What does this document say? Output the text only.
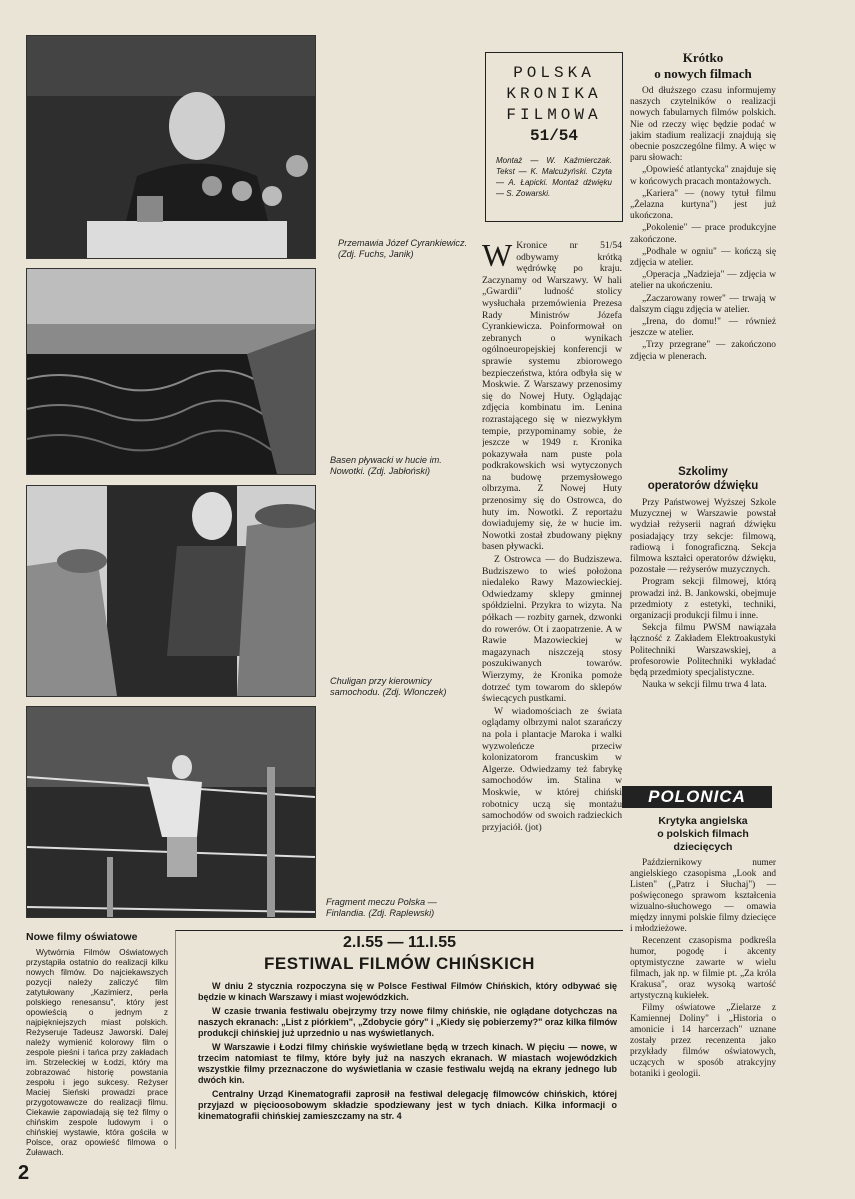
Przemawia Józef Cyrankiewicz. (Zdj. Fuchs, Janik)
Basen pływacki w hucie im. Nowotki. (Zdj. Jabłoński)
Chuligan przy kierownicy samochodu. (Zdj. Wlonczek)
Fragment meczu Polska — Finlandia. (Zdj. Raplewski)
POLSKA
KRONIKA
FILMOWA
51/54
Montaż — W. Kaźmierczak. Tekst — K. Malcużyński. Czyta — A. Łapicki. Montaż dźwięku — S. Zowarski.
W Kronice nr 51/54 odbywamy krótką wędrówkę po kraju. Zaczynamy od Warszawy. W hali „Gwardii" ludność stolicy wysłuchała przemówienia Prezesa Rady Ministrów Józefa Cyrankiewicza. Poinformował on zebranych o wynikach ogólnoeuropejskiej konferencji w sprawie systemu zbiorowego bezpieczeństwa, która odbyła się w Moskwie. Z Warszawy przenosimy się do Nowej Huty. Oglądając zdjęcia kombinatu im. Lenina rozrastającego się w niezwykłym tempie, przypominamy sobie, że jeszcze w 1949 r. Kronika pokazywała nam puste pola podkrakowskich wsi wytyczonych na budowę przemysłowego olbrzyma. Z Nowej Huty przenosimy się do Ostrowca, do huty im. Nowotki. Z reportażu dowiadujemy się, że w hucie im. Nowotki został zbudowany piękny basen pływacki.

Z Ostrowca — do Budziszewa. Budziszewo to wieś położona niedaleko Rawy Mazowieckiej. Odwiedzamy sklepy gminnej spółdzielni. Przykra to wizyta. Na półkach — rozbity garnek, dzwonki do rowerów. Ot i zaopatrzenie. A w Rawie Mazowieckiej w magazynach niszczeją stosy poszukiwanych towarów. Wierzymy, że Kronika pomoże dotrzeć tym towarom do sklepów świecących pustkami.

W wiadomościach ze świata oglądamy olbrzymi nalot szarańczy na pola i plantacje Maroka i walki wyzwoleńcze przeciw kolonizatorom francuskim w Algerze. Odwiedzamy też fabrykę samochodów im. Stalina w Moskwie, w której chiński robotnicy uczą się montażu samochodów od swoich radzieckich przyjaciół. (jot)

Krótko
o nowych filmach

Od dłuższego czasu informujemy naszych czytelników o realizacji nowych fabularnych filmów polskich. Nie od rzeczy więc będzie podać w jakim stadium realizacji znajdują się obecnie poszczególne filmy. A więc w paru słowach:

„Opowieść atlantycka" znajduje się w końcowych pracach montażowych.

„Kariera" — (nowy tytuł filmu „Żelazna kurtyna") jest już ukończona.

„Pokolenie" — prace produkcyjne zakończone.

„Podhale w ogniu" — kończą się zdjęcia w atelier.

„Operacja „Nadzieja" — zdjęcia w atelier na ukończeniu.

„Zaczarowany rower" — trwają w dalszym ciągu zdjęcia w atelier.

„Irena, do domu!" — również jeszcze w atelier.

„Trzy przegrane" — zakończono zdjęcia w plenerach.

Szkolimy
operatorów dźwięku

Przy Państwowej Wyższej Szkole Muzycznej w Warszawie powstał wydział reżyserii nagrań dźwięku posiadający trzy sekcje: filmową, radiową i fonograficzną. Sekcja filmowa kształci operatorów dźwięku, pozostałe — reżyserów muzycznych.

Program sekcji filmowej, którą prowadzi inż. B. Jankowski, obejmuje przedmioty z estetyki, techniki, organizacji produkcji filmu i inne.

Sekcja filmu PWSM nawiązała łączność z Zakładem Elektroakustyki Politechniki Warszawskiej, a profesorowie Politechniki wykładać będą przedmioty specjalistyczne.

Nauka w sekcji filmu trwa 4 lata.

POLONICA
Krytyka angielska
o polskich filmach
dziecięcych

Październikowy numer angielskiego czasopisma „Look and Listen" („Patrz i Słuchaj") — poświęconego sprawom kształcenia wizualno-słuchowego — omawia między innymi polskie filmy dziecięce i młodzieżowe.

Recenzent czasopisma podkreśla humor, pogodę i akcenty optymistyczne zawarte w wielu filmach, jak np. w filmie pt. „Za króla Krakusa", oraz wysoką wartość artystyczną kukiełek.

Filmy oświatowe „Zielarze z Kamiennej Doliny" i „Historia o amonicie i 14 harcerzach" uznane zostały przez recenzenta jako przykłady filmów oświatowych, uczących w sposób atrakcyjny botaniki i geologii.

Nowe filmy oświatowe

Wytwórnia Filmów Oświatowych przystąpiła ostatnio do realizacji kilku nowych filmów. Do najciekawszych pozycji należy zaliczyć film zatytułowany „Kazimierz, perła polskiego renesansu", który jest opowieścią o jednym z najpiękniejszych miast polskich. Reżyseruje Tadeusz Jaworski. Dalej należy wymienić kolorowy film o zespole pieśni i tańca przy zakładach im. Strzeleckiej w Łodzi, który ma zobrazować historię powstania zespołu i jego sukcesy. Reżyser Maciej Sieński prowadzi prace przygotowawcze do realizacji filmu. Ciekawie zapowiadają się też filmy o chińskim zespole ludowym i o chińskiej wystawie, która gościła w Polsce, oraz opowieść filmowa o Żuławach.

2.I.55 — 11.I.55
FESTIWAL FILMÓW CHIŃSKICH

W dniu 2 stycznia rozpoczyna się w Polsce Festiwal Filmów Chińskich, który odbywać się będzie w kinach Warszawy i miast wojewódzkich.

W czasie trwania festiwalu obejrzymy trzy nowe filmy chińskie, nie oglądane dotychczas na naszych ekranach: „List z piórkiem", „Zdobycie góry" i „Kiedy się pobierzemy?" oraz kilka filmów produkcji chińskiej już uprzednio u nas wyświetlanych.

W Warszawie i Łodzi filmy chińskie wyświetlane będą w trzech kinach. W pięciu — nowe, w trzecim natomiast te filmy, które były już na naszych ekranach. W miastach wojewódzkich wszystkie filmy przeznaczone do wyświetlania w czasie festiwalu wejdą na ekrany jednego lub dwóch kin.

Centralny Urząd Kinematografii zaprosił na festiwal delegację filmowców chińskich, której przyjazd w pięcioosobowym składzie spodziewany jest w tych dniach. Kilka informacji o kinematografii chińskiej zamieszczamy na str. 4

2
